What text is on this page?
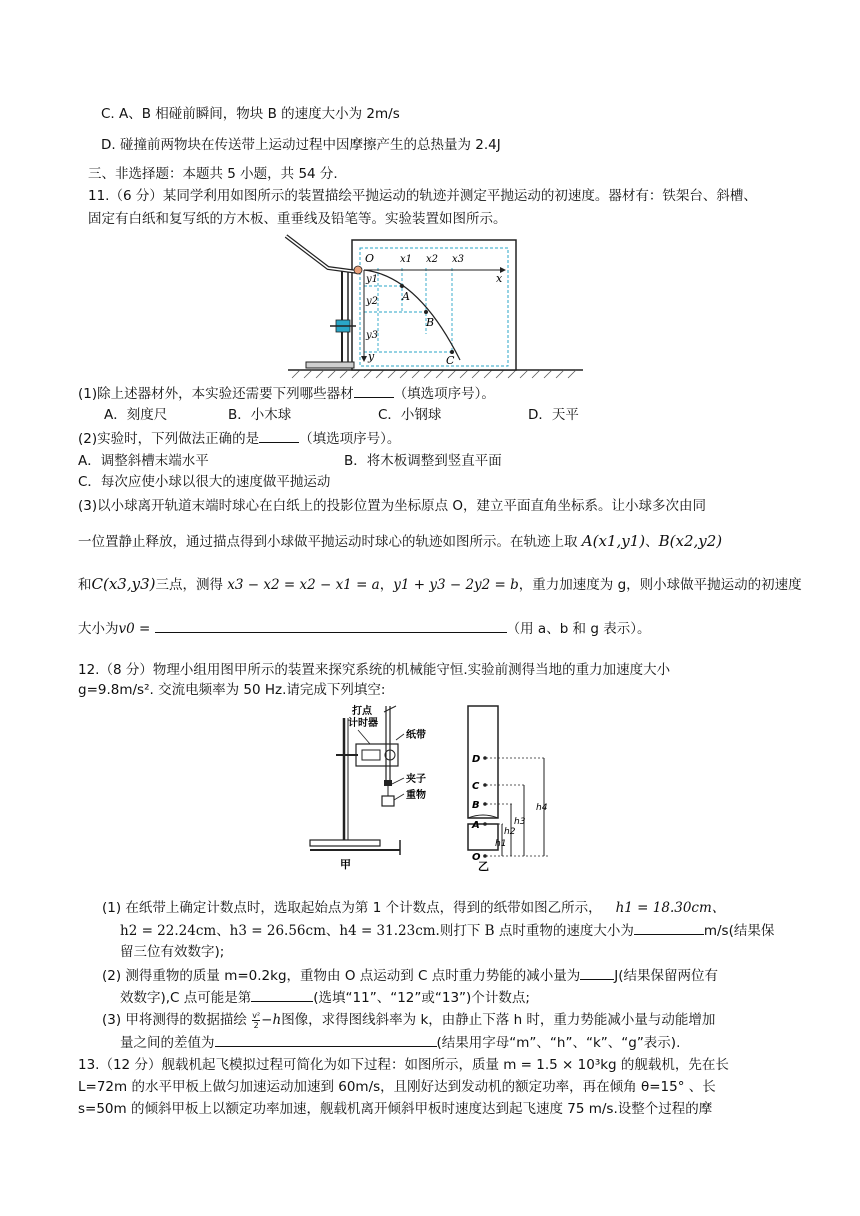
C. A、B 相碰前瞬间，物块 B 的速度大小为 2m/s
D. 碰撞前两物块在传送带上运动过程中因摩擦产生的总热量为 2.4J
三、非选择题：本题共 5 小题，共 54 分.
11.（6 分）某同学利用如图所示的装置描绘平抛运动的轨迹并测定平抛运动的初速度。器材有：铁架台、斜槽、
固定有白纸和复写纸的方木板、重垂线及铅笔等。实验装置如图所示。
O
x
y
x1 x2 x3
y1
y2
y3
A
B
C
(1)除上述器材外，本实验还需要下列哪些器材	（填选项序号）。
A．刻度尺	B．小木球	C．小钢球	D．天平
(2)实验时，下列做法正确的是	（填选项序号）。
A．调整斜槽末端水平	B．将木板调整到竖直平面
C．每次应使小球以很大的速度做平抛运动
(3)以小球离开轨道末端时球心在白纸上的投影位置为坐标原点 O，建立平面直角坐标系。让小球多次由同
一位置静止释放，通过描点得到小球做平抛运动时球心的轨迹如图所示。在轨迹上取 A(x1,y1)、B(x2,y2)
和C(x3,y3)三点，测得 x3 − x2 = x2 − x1 = a，y1 + y3 − 2y2 = b，重力加速度为 g，则小球做平抛运动的初速度
大小为v0 =	（用 a、b 和 g 表示）。
12.（8 分）物理小组用图甲所示的装置来探究系统的机械能守恒.实验前测得当地的重力加速度大小
g=9.8m/s². 交流电频率为 50 Hz.请完成下列填空:
打点
计时器
纸带
夹子
重物
甲
D
C
B
A
O
h1
h2
h3
h4
乙
(1) 在纸带上确定计数点时，选取起始点为第 1 个计数点，得到的纸带如图乙所示， h1 = 18.30cm、
h2 = 22.24cm、h3 = 26.56cm、h4 = 31.23cm.则打下 B 点时重物的速度大小为	m/s(结果保
留三位有效数字);
(2) 测得重物的质量 m=0.2kg，重物由 O 点运动到 C 点时重力势能的减小量为	J(结果保留两位有
效数字),C 点可能是第	(选填“11”、“12”或“13”)个计数点;
(3) 甲将测得的数据描绘 $\frac{\text{v²}}{2} -h$图像，求得图线斜率为 k，由静止下落 h 时，重力势能减小量与动能增加
量之间的差值为	(结果用字母“m”、“h”、“k”、“g”表示).
13.（12 分）舰载机起飞模拟过程可简化为如下过程：如图所示，质量 m = 1.5 × 10³kg 的舰载机，先在长
L=72m 的水平甲板上做匀加速运动加速到 60m/s，且刚好达到发动机的额定功率，再在倾角 θ=15° 、长
s=50m 的倾斜甲板上以额定功率加速，舰载机离开倾斜甲板时速度达到起飞速度 75 m/s.设整个过程的摩
